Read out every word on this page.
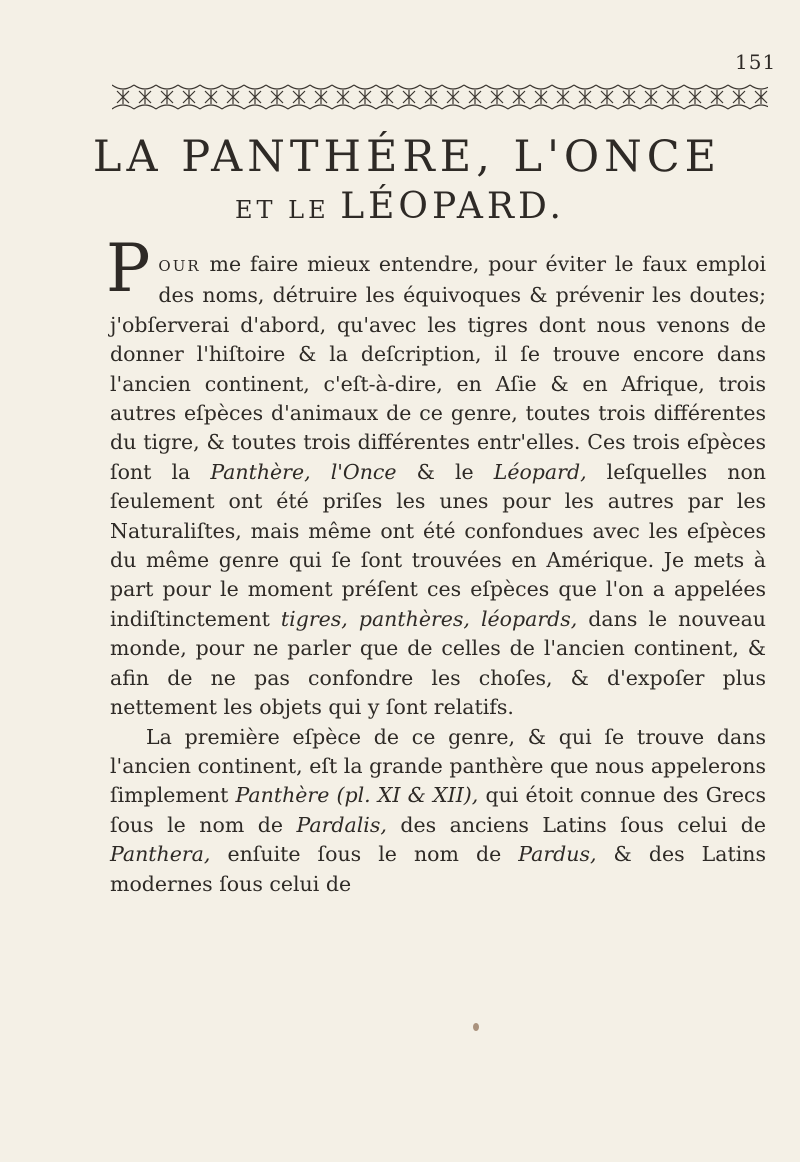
151
LA PANTHÉRE, L'ONCE
ET LE LÉOPARD.

POUR me faire mieux entendre, pour éviter le faux emploi des noms, détruire les équivoques & prévenir les doutes; j'obſerverai d'abord, qu'avec les tigres dont nous venons de donner l'hiſtoire & la deſcription, il ſe trouve encore dans l'ancien continent, c'eſt-à-dire, en Aſie & en Afrique, trois autres eſpèces d'animaux de ce genre, toutes trois différentes du tigre, & toutes trois différentes entr'elles. Ces trois eſpèces ſont la Panthère, l'Once & le Léopard, leſquelles non ſeulement ont été priſes les unes pour les autres par les Naturaliſtes, mais même ont été confondues avec les eſpèces du même genre qui ſe ſont trouvées en Amérique. Je mets à part pour le moment préſent ces eſpèces que l'on a appelées indiſtinctement tigres, panthères, léopards, dans le nouveau monde, pour ne parler que de celles de l'ancien continent, & afin de ne pas confondre les choſes, & d'expoſer plus nettement les objets qui y ſont relatifs.

La première eſpèce de ce genre, & qui ſe trouve dans l'ancien continent, eſt la grande panthère que nous appelerons ſimplement Panthère (pl. XI & XII), qui étoit connue des Grecs ſous le nom de Pardalis, des anciens Latins ſous celui de Panthera, enſuite ſous le nom de Pardus, & des Latins modernes ſous celui de
